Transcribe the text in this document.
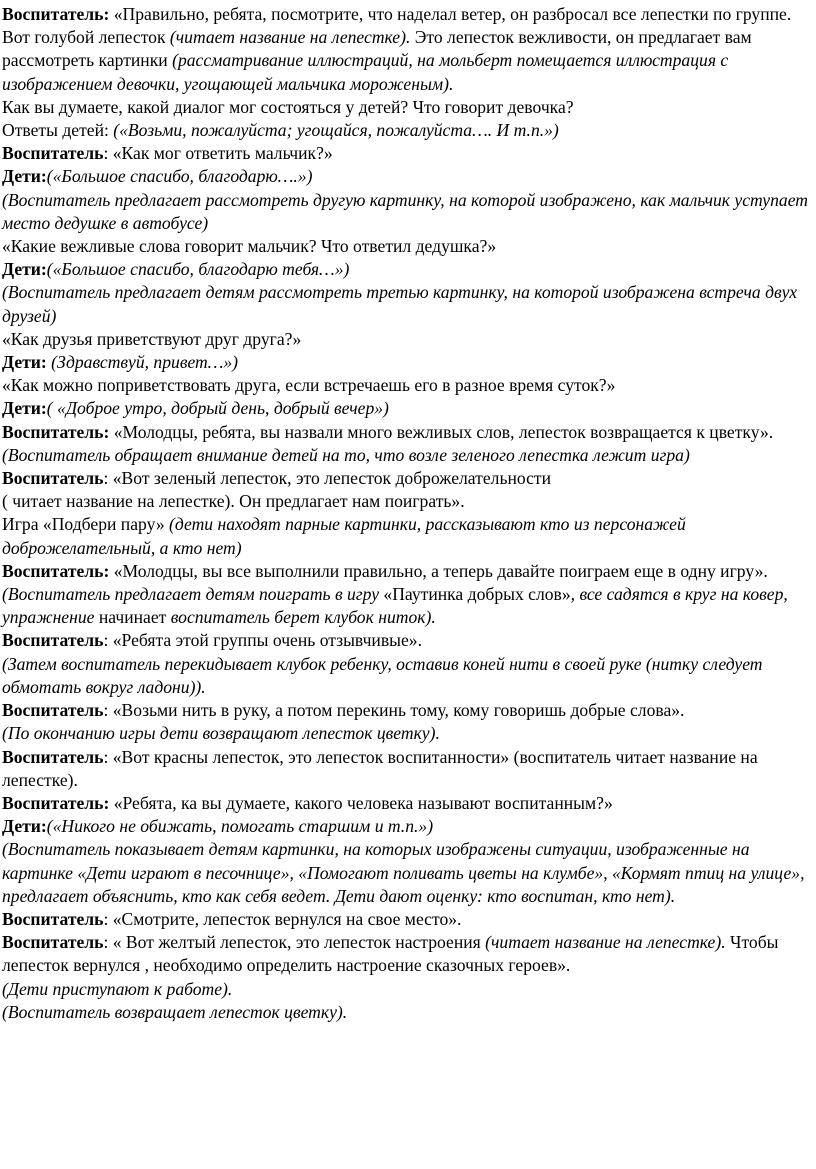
Воспитатель: «Правильно, ребята, посмотрите, что наделал ветер, он разбросал все лепестки по группе. Вот голубой лепесток (читает название на лепестке). Это лепесток вежливости, он предлагает вам рассмотреть картинки (рассматривание иллюстраций, на мольберт помещается иллюстрация с изображением девочки, угощающей мальчика мороженым).

Как вы думаете, какой диалог мог состояться у детей? Что говорит девочка?

Ответы детей: («Возьми, пожалуйста; угощайся, пожалуйста…. И т.п.»)

Воспитатель: «Как мог ответить мальчик?»

Дети:(«Большое спасибо, благодарю….»)

(Воспитатель предлагает рассмотреть другую картинку, на которой изображено, как мальчик уступает место дедушке в автобусе)

«Какие вежливые слова говорит мальчик? Что ответил дедушка?»

Дети:(«Большое спасибо, благодарю тебя…»)

(Воспитатель предлагает детям рассмотреть третью картинку, на которой изображена встреча двух друзей)

«Как друзья приветствуют друг друга?»

Дети: (Здравствуй, привет…»)

«Как можно поприветствовать друга, если встречаешь его в разное время суток?»

Дети:( «Доброе утро, добрый день, добрый вечер»)

Воспитатель: «Молодцы, ребята, вы назвали много вежливых слов, лепесток возвращается к цветку».

(Воспитатель обращает внимание детей на то, что возле зеленого лепестка лежит игра)

Воспитатель: «Вот зеленый лепесток, это лепесток доброжелательности

( читает название на лепестке). Он предлагает нам поиграть».

Игра «Подбери пару» (дети находят парные картинки, рассказывают кто из персонажей доброжелательный, а кто нет)

Воспитатель: «Молодцы, вы все выполнили правильно, а теперь давайте поиграем еще в одну игру».(Воспитатель предлагает детям поиграть в игру «Паутинка добрых слов», все садятся в круг на ковер, упражнение начинает воспитатель берет клубок ниток).

Воспитатель: «Ребята этой группы очень отзывчивые».

(Затем воспитатель перекидывает клубок ребенку, оставив коней нити в своей руке (нитку следует обмотать вокруг ладони)).

Воспитатель: «Возьми нить в руку, а потом перекинь тому, кому говоришь добрые слова».

(По окончанию игры дети возвращают лепесток цветку).

Воспитатель: «Вот красны лепесток, это лепесток воспитанности» (воспитатель читает название на лепестке).

Воспитатель: «Ребята, ка вы думаете, какого человека называют воспитанным?»

Дети:(«Никого не обижать, помогать старшим и т.п.»)

(Воспитатель показывает детям картинки, на которых изображены ситуации, изображенные на картинке «Дети играют в песочнице», «Помогают поливать цветы на клумбе», «Кормят птиц на улице», предлагает объяснить, кто как себя ведет. Дети дают оценку: кто воспитан, кто нет).

Воспитатель: «Смотрите, лепесток вернулся на свое место».

Воспитатель: « Вот желтый лепесток, это лепесток настроения (читает название на лепестке). Чтобы лепесток вернулся , необходимо определить настроение сказочных героев».

(Дети приступают к работе).

(Воспитатель возвращает лепесток цветку).
